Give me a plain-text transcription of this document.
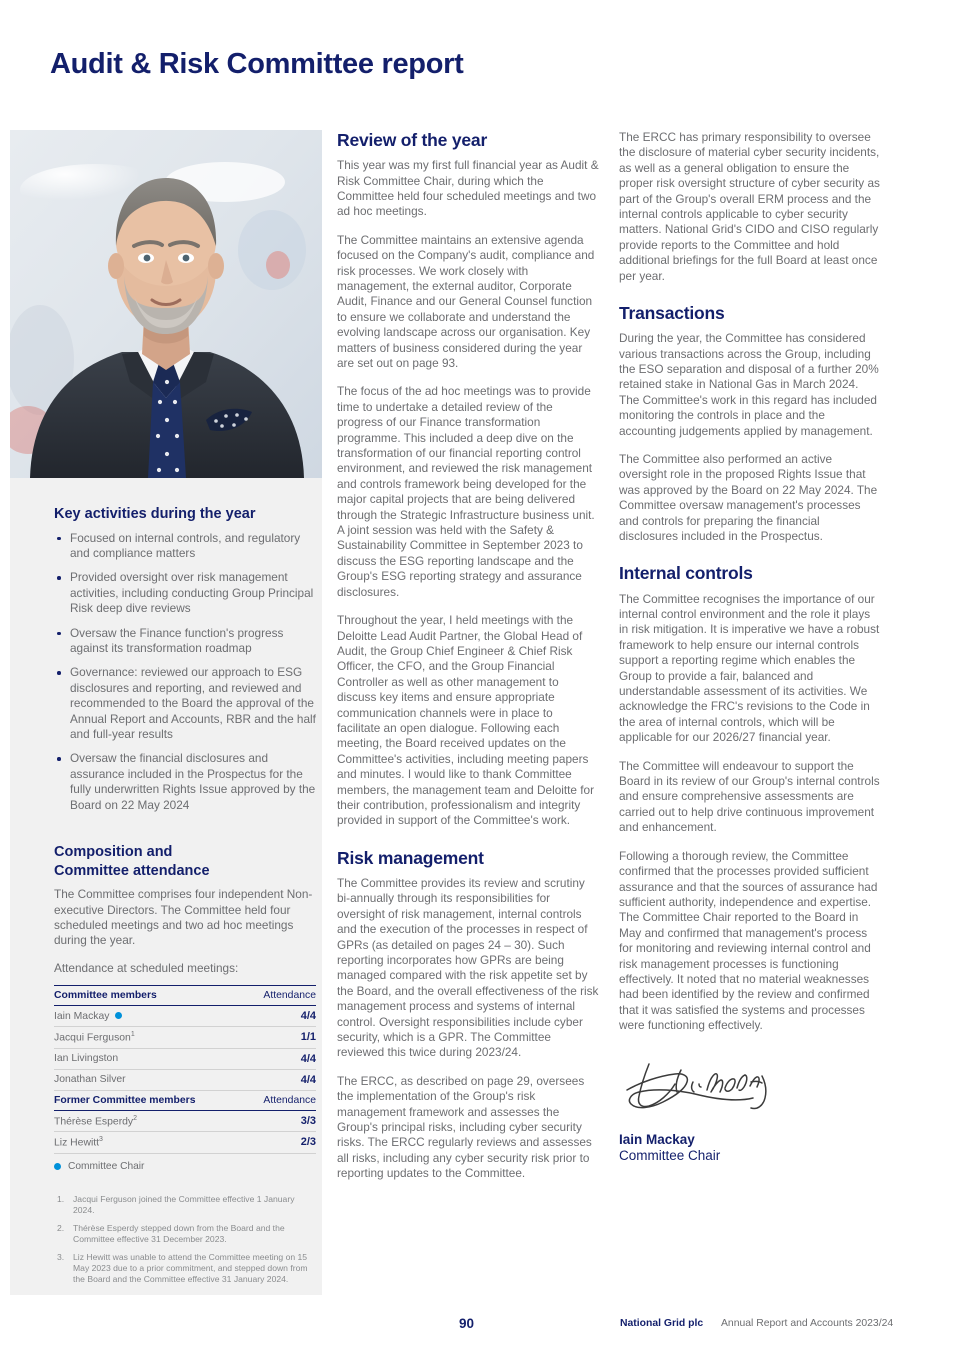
Audit & Risk Committee report
Key activities during the year
Focused on internal controls, and regulatory and compliance matters
Provided oversight over risk management activities, including conducting Group Principal Risk deep dive reviews
Oversaw the Finance function's progress against its transformation roadmap
Governance: reviewed our approach to ESG disclosures and reporting, and reviewed and recommended to the Board the approval of the Annual Report and Accounts, RBR and the half and full-year results
Oversaw the financial disclosures and assurance included in the Prospectus for the fully underwritten Rights Issue approved by the Board on 22 May 2024
Composition and
Committee attendance

The Committee comprises four independent Non-executive Directors. The Committee held four scheduled meetings and two ad hoc meetings during the year.

Attendance at scheduled meetings:

Committee members	Attendance
Iain Mackay	4/4
Jacqui Ferguson$^1$	1/1
Ian Livingston	4/4
Jonathan Silver	4/4
Former Committee members	Attendance
Thérèse Esperdy$^2$	3/3
Liz Hewitt$^3$	2/3
Committee Chair
Jacqui Ferguson joined the Committee effective 1 January 2024.
Thérèse Esperdy stepped down from the Board and the Committee effective 31 December 2023.
Liz Hewitt was unable to attend the Committee meeting on 15 May 2023 due to a prior commitment, and stepped down from the Board and the Committee effective 31 January 2024.
Review of the year

This year was my first full financial year as Audit & Risk Committee Chair, during which the Committee held four scheduled meetings and two ad hoc meetings.

The Committee maintains an extensive agenda focused on the Company's audit, compliance and risk processes. We work closely with management, the external auditor, Corporate Audit, Finance and our General Counsel function to ensure we collaborate and understand the evolving landscape across our organisation. Key matters of business considered during the year are set out on page 93.

The focus of the ad hoc meetings was to provide time to undertake a detailed review of the progress of our Finance transformation programme. This included a deep dive on the transformation of our financial reporting control environment, and reviewed the risk management and controls framework being developed for the major capital projects that are being delivered through the Strategic Infrastructure business unit. A joint session was held with the Safety & Sustainability Committee in September 2023 to discuss the ESG reporting landscape and the Group's ESG reporting strategy and assurance disclosures.

Throughout the year, I held meetings with the Deloitte Lead Audit Partner, the Global Head of Audit, the Group Chief Engineer & Chief Risk Officer, the CFO, and the Group Financial Controller as well as other management to discuss key items and ensure appropriate communication channels were in place to facilitate an open dialogue. Following each meeting, the Board received updates on the Committee's activities, including meeting papers and minutes. I would like to thank Committee members, the management team and Deloitte for their contribution, professionalism and integrity provided in support of the Committee's work.

Risk management

The Committee provides its review and scrutiny bi-annually through its responsibilities for oversight of risk management, internal controls and the execution of the processes in respect of GPRs (as detailed on pages 24 – 30). Such reporting incorporates how GPRs are being managed compared with the risk appetite set by the Board, and the overall effectiveness of the risk management process and systems of internal control. Oversight responsibilities include cyber security, which is a GPR. The Committee reviewed this twice during 2023/24.

The ERCC, as described on page 29, oversees the implementation of the Group's risk management framework and assesses the Group's principal risks, including cyber security risks. The ERCC regularly reviews and assesses all risks, including any cyber security risk prior to reporting updates to the Committee.

The ERCC has primary responsibility to oversee the disclosure of material cyber security incidents, as well as a general obligation to ensure the proper risk oversight structure of cyber security as part of the Group's overall ERM process and the internal controls applicable to cyber security matters. National Grid's CIDO and CISO regularly provide reports to the Committee and hold additional briefings for the full Board at least once per year.

Transactions

During the year, the Committee has considered various transactions across the Group, including the ESO separation and disposal of a further 20% retained stake in National Gas in March 2024. The Committee's work in this regard has included monitoring the controls in place and the accounting judgements applied by management.

The Committee also performed an active oversight role in the proposed Rights Issue that was approved by the Board on 22 May 2024. The Committee oversaw management's processes and controls for preparing the financial disclosures included in the Prospectus.

Internal controls

The Committee recognises the importance of our internal control environment and the role it plays in risk mitigation. It is imperative we have a robust framework to help ensure our internal controls support a reporting regime which enables the Group to provide a fair, balanced and understandable assessment of its activities. We acknowledge the FRC's revisions to the Code in the area of internal controls, which will be applicable for our 2026/27 financial year.

The Committee will endeavour to support the Board in its review of our Group's internal controls and ensure comprehensive assessments are carried out to help drive continuous improvement and enhancement.

Following a thorough review, the Committee confirmed that the processes provided sufficient assurance and that the sources of assurance had sufficient authority, independence and expertise. The Committee Chair reported to the Board in May and confirmed that management's process for monitoring and reviewing internal control and risk management processes is functioning effectively. It noted that no material weaknesses had been identified by the review and confirmed that it was satisfied the systems and processes were functioning effectively.

Iain Mackay
Committee Chair
90	National Grid plc Annual Report and Accounts 2023/24
